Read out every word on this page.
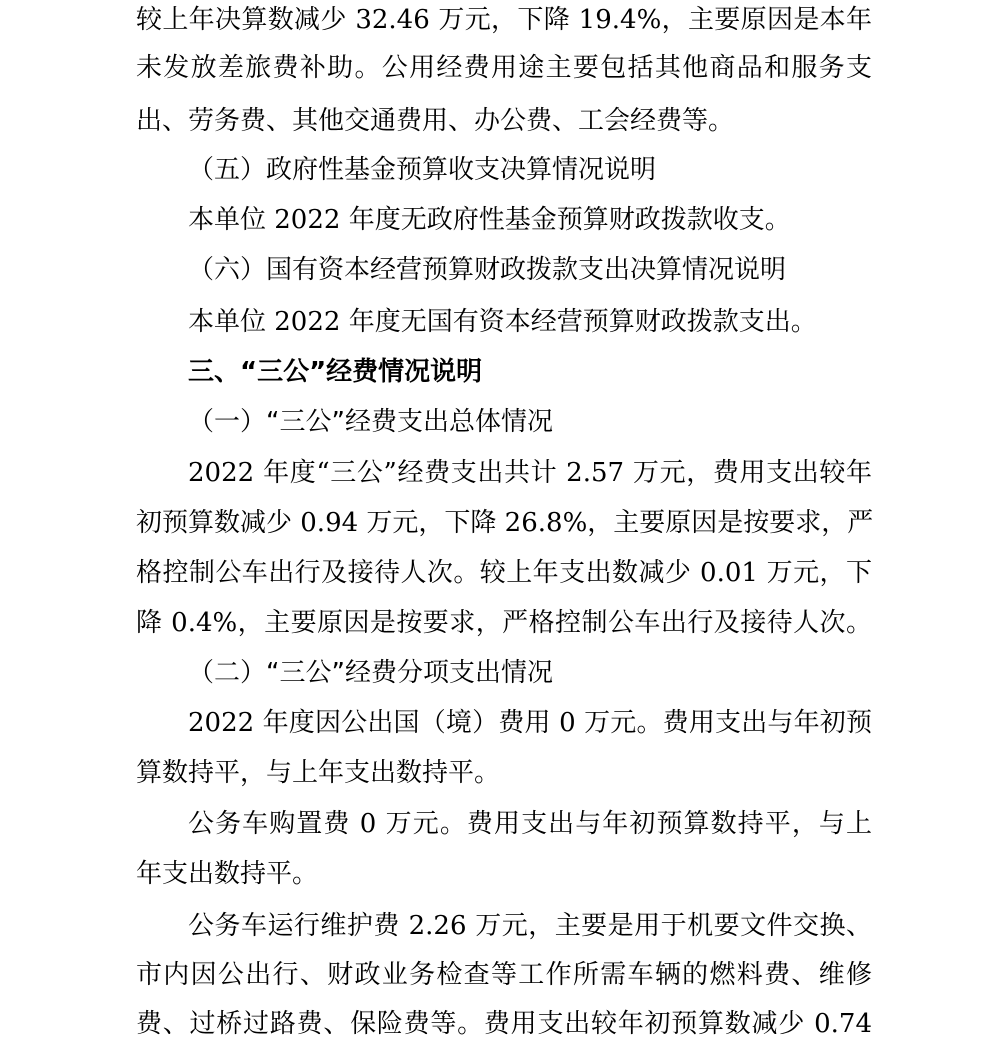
较上年决算数减少 32.46 万元，下降 19.4%，主要原因是本年
未发放差旅费补助。公用经费用途主要包括其他商品和服务支
出、劳务费、其他交通费用、办公费、工会经费等。
（五）政府性基金预算收支决算情况说明
本单位 2022 年度无政府性基金预算财政拨款收支。
（六）国有资本经营预算财政拨款支出决算情况说明
本单位 2022 年度无国有资本经营预算财政拨款支出。
三、“三公”经费情况说明
（一）“三公”经费支出总体情况
2022 年度“三公”经费支出共计 2.57 万元，费用支出较年
初预算数减少 0.94 万元，下降 26.8%，主要原因是按要求，严
格控制公车出行及接待人次。较上年支出数减少 0.01 万元，下
降 0.4%，主要原因是按要求，严格控制公车出行及接待人次。
（二）“三公”经费分项支出情况
2022 年度因公出国（境）费用 0 万元。费用支出与年初预
算数持平，与上年支出数持平。
公务车购置费 0 万元。费用支出与年初预算数持平，与上
年支出数持平。
公务车运行维护费 2.26 万元，主要是用于机要文件交换、
市内因公出行、财政业务检查等工作所需车辆的燃料费、维修
费、过桥过路费、保险费等。费用支出较年初预算数减少 0.74
